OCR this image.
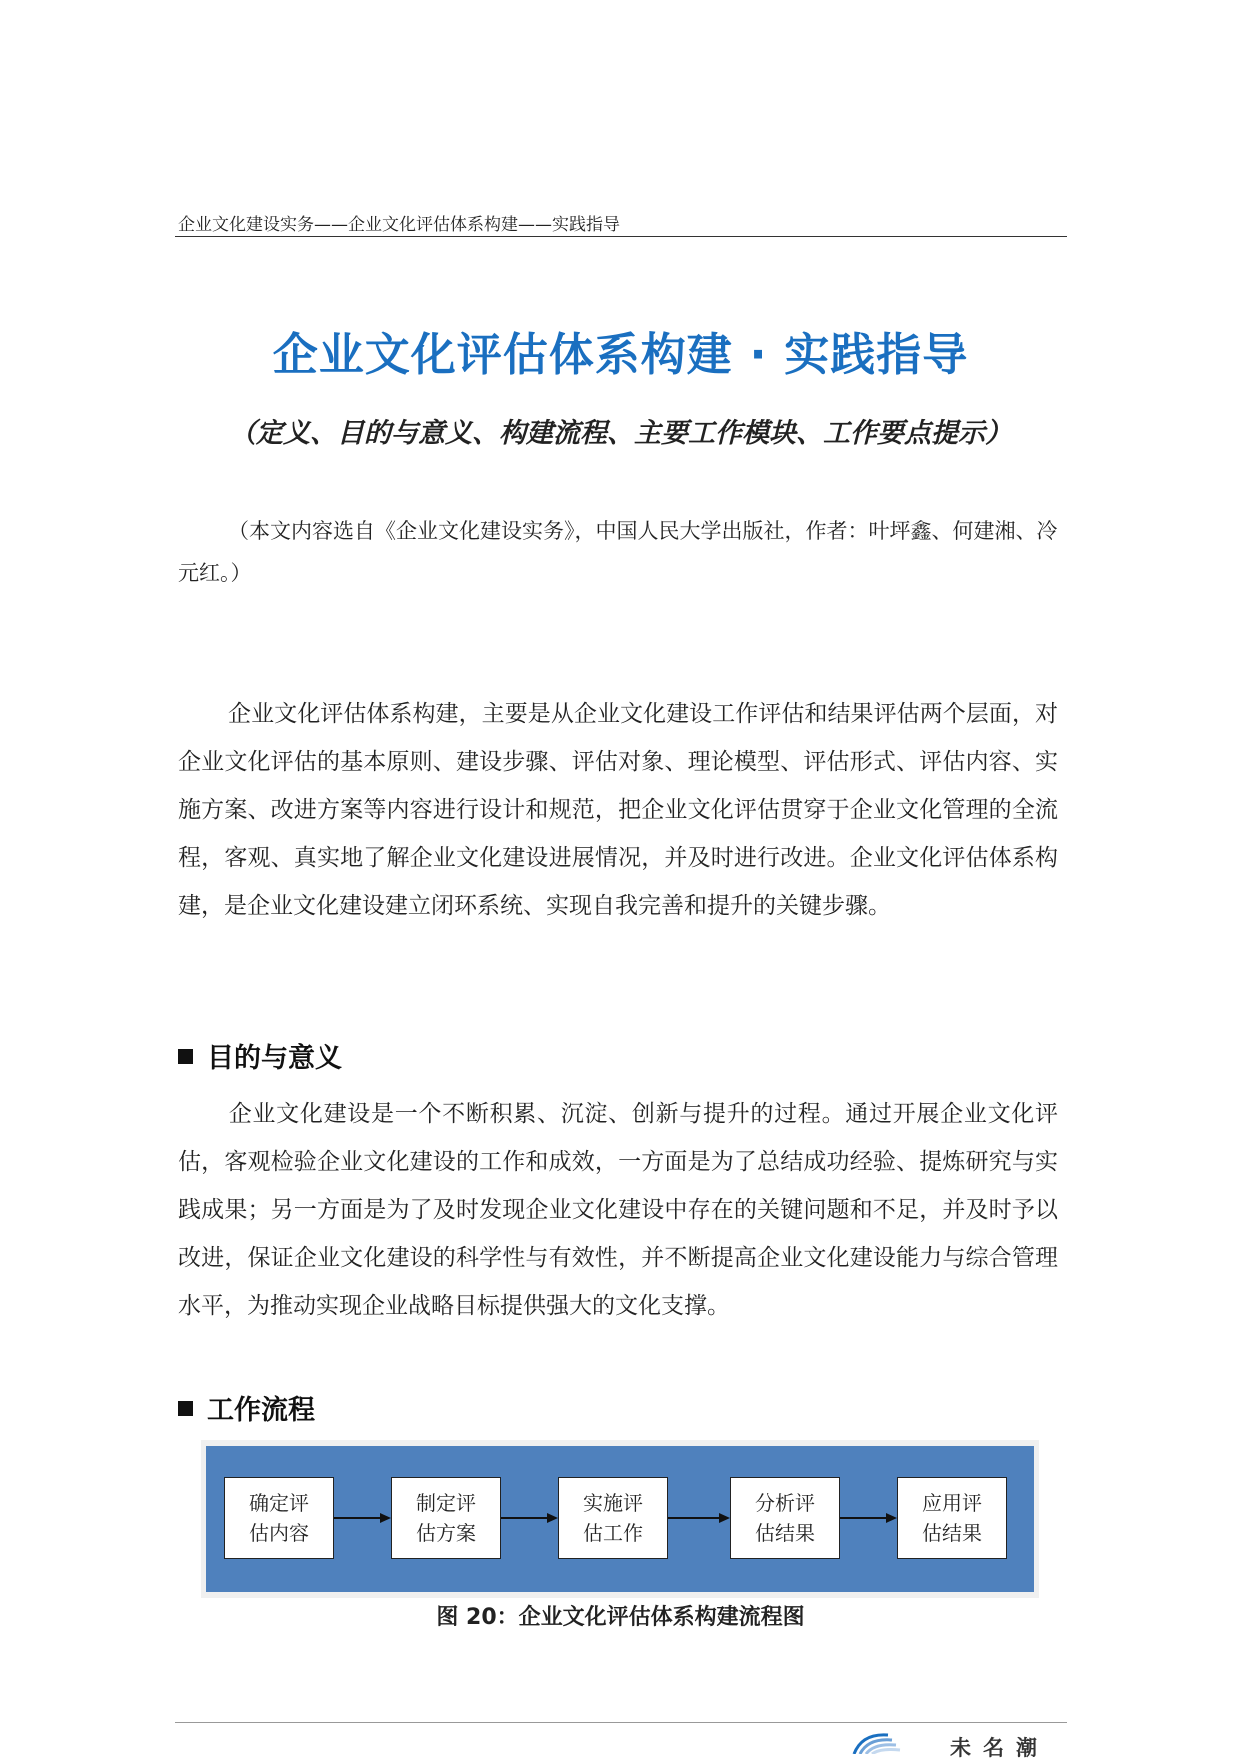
企业文化建设实务——企业文化评估体系构建——实践指导
企业文化评估体系构建 · 实践指导
（定义、目的与意义、构建流程、主要工作模块、工作要点提示）
（本文内容选自《企业文化建设实务》，中国人民大学出版社，作者：叶坪鑫、何建湘、冷元红。）
企业文化评估体系构建，主要是从企业文化建设工作评估和结果评估两个层面，对企业文化评估的基本原则、建设步骤、评估对象、理论模型、评估形式、评估内容、实施方案、改进方案等内容进行设计和规范，把企业文化评估贯穿于企业文化管理的全流程，客观、真实地了解企业文化建设进展情况，并及时进行改进。企业文化评估体系构建，是企业文化建设建立闭环系统、实现自我完善和提升的关键步骤。
目的与意义
企业文化建设是一个不断积累、沉淀、创新与提升的过程。通过开展企业文化评估，客观检验企业文化建设的工作和成效，一方面是为了总结成功经验、提炼研究与实践成果；另一方面是为了及时发现企业文化建设中存在的关键问题和不足，并及时予以改进，保证企业文化建设的科学性与有效性，并不断提高企业文化建设能力与综合管理水平，为推动实现企业战略目标提供强大的文化支撑。
工作流程
确定评估内容
制定评估方案
实施评估工作
分析评估结果
应用评估结果
图 20：企业文化评估体系构建流程图
未名潮
